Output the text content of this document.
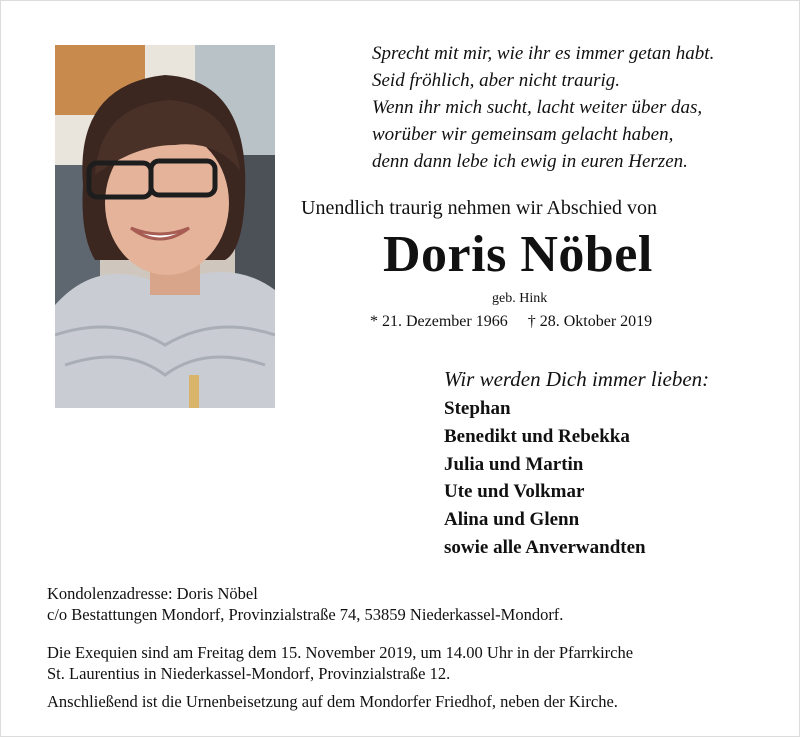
Sprecht mit mir, wie ihr es immer getan habt.
Seid fröhlich, aber nicht traurig.
Wenn ihr mich sucht, lacht weiter über das,
worüber wir gemeinsam gelacht haben,
denn dann lebe ich ewig in euren Herzen.
Unendlich traurig nehmen wir Abschied von
Doris Nöbel
geb. Hink
* 21. Dezember 1966 † 28. Oktober 2019
Wir werden Dich immer lieben:
Stephan
Benedikt und Rebekka
Julia und Martin
Ute und Volkmar
Alina und Glenn
sowie alle Anverwandten
Kondolenzadresse: Doris Nöbel
c/o Bestattungen Mondorf, Provinzialstraße 74, 53859 Niederkassel-Mondorf.
Die Exequien sind am Freitag dem 15. November 2019, um 14.00 Uhr in der Pfarrkirche
St. Laurentius in Niederkassel-Mondorf, Provinzialstraße 12.
Anschließend ist die Urnenbeisetzung auf dem Mondorfer Friedhof, neben der Kirche.
